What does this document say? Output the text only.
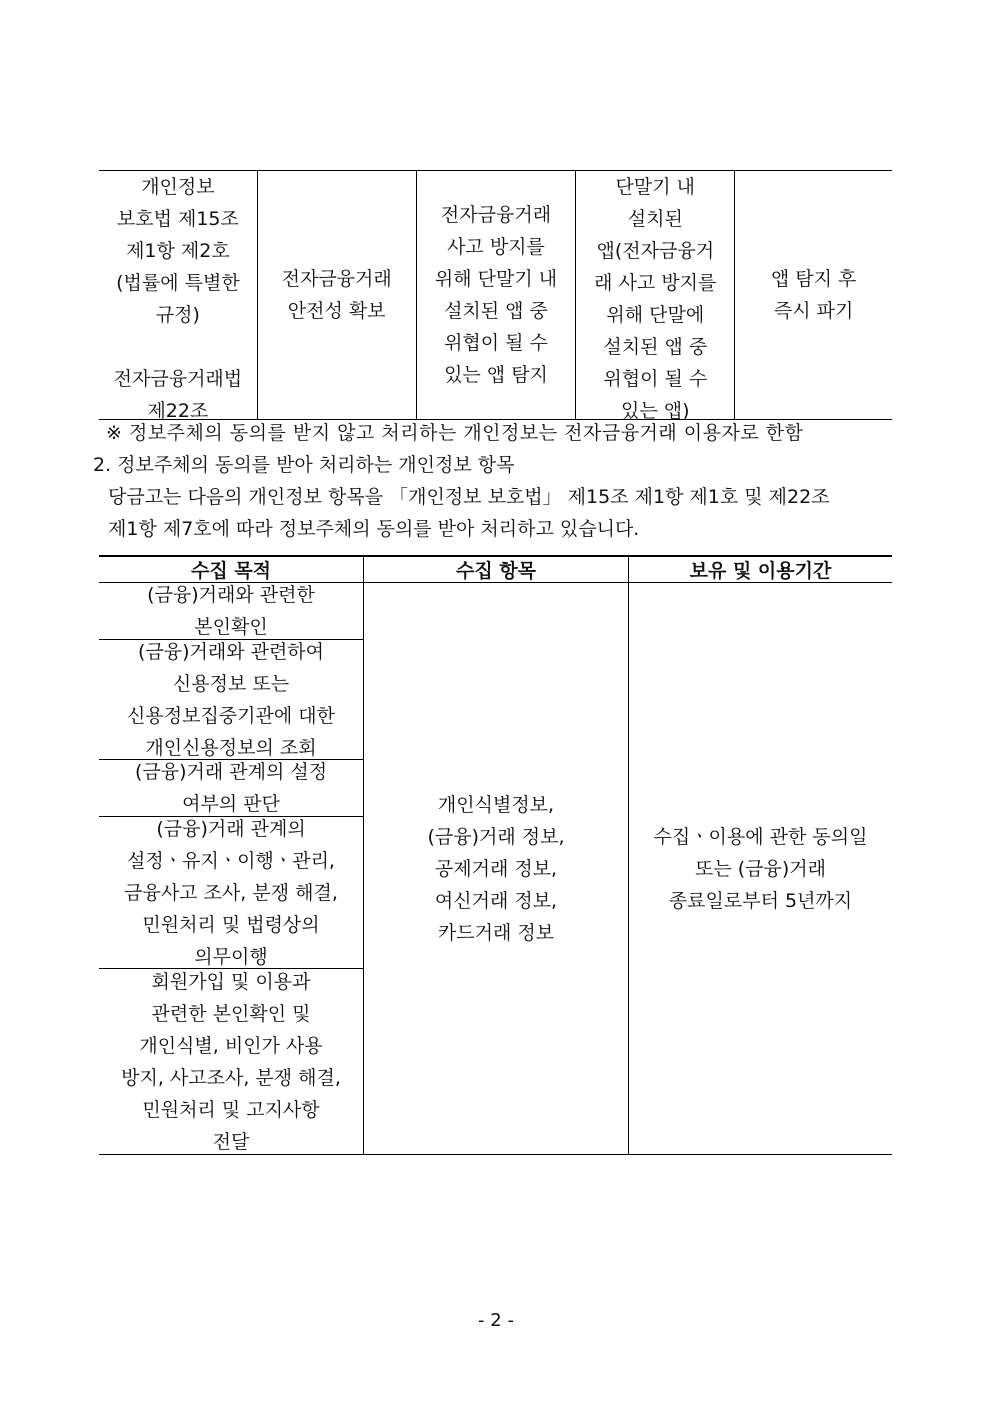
개인정보
보호법 제15조
제1항 제2호
(법률에 특별한
규정)

전자금융거래법
제22조
전자금융거래
안전성 확보
전자금융거래
사고 방지를
위해 단말기 내
설치된 앱 중
위협이 될 수
있는 앱 탐지
단말기 내
설치된
앱(전자금융거
래 사고 방지를
위해 단말에
설치된 앱 중
위협이 될 수
있는 앱)
앱 탐지 후
즉시 파기
※ 정보주체의 동의를 받지 않고 처리하는 개인정보는 전자금융거래 이용자로 한함
2. 정보주체의 동의를 받아 처리하는 개인정보 항목
당금고는 다음의 개인정보 항목을 「개인정보 보호법」 제15조 제1항 제1호 및 제22조
제1항 제7호에 따라 정보주체의 동의를 받아 처리하고 있습니다.
수집 목적	수집 항목	보유 및 이용기간
(금융)거래와 관련한
본인확인
(금융)거래와 관련하여
신용정보 또는
신용정보집중기관에 대한
개인신용정보의 조회
(금융)거래 관계의 설정
여부의 판단
(금융)거래 관계의
설정ㆍ유지ㆍ이행ㆍ관리,
금융사고 조사, 분쟁 해결,
민원처리 및 법령상의
의무이행
회원가입 및 이용과
관련한 본인확인 및
개인식별, 비인가 사용
방지, 사고조사, 분쟁 해결,
민원처리 및 고지사항
전달
개인식별정보,
(금융)거래 정보,
공제거래 정보,
여신거래 정보,
카드거래 정보
수집ㆍ이용에 관한 동의일
또는 (금융)거래
종료일로부터 5년까지
- 2 -
